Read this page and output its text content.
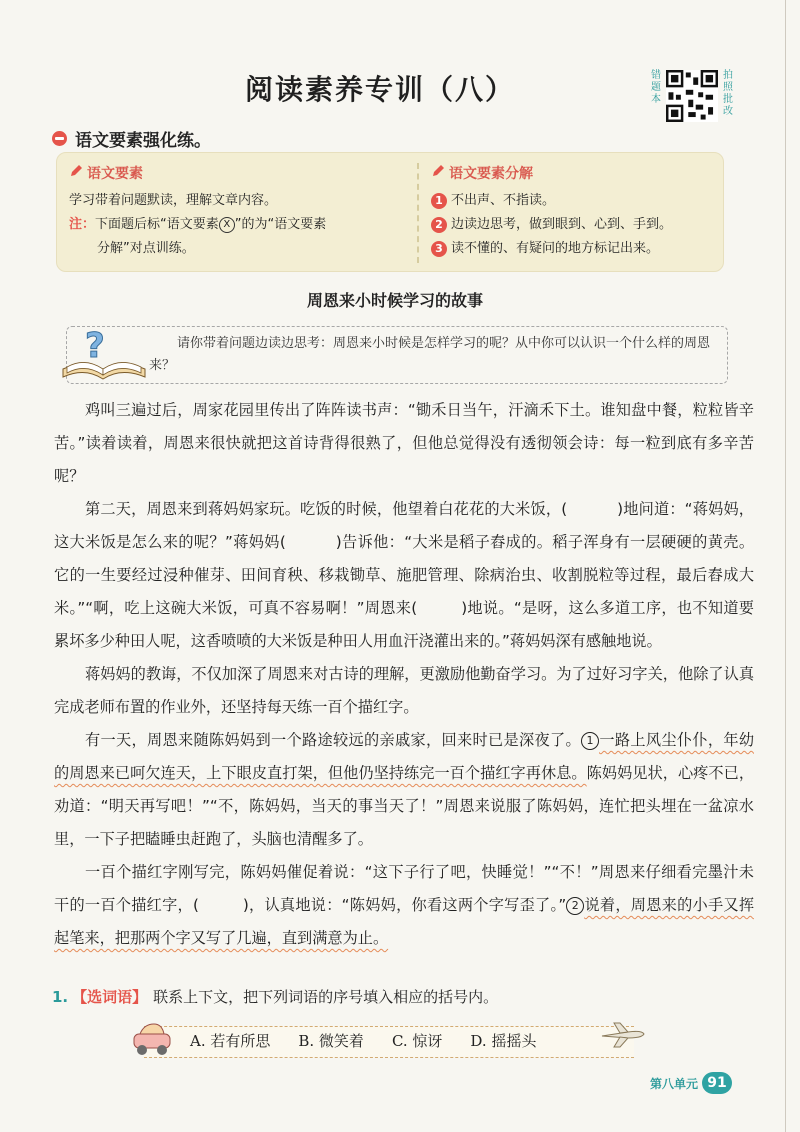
阅读素养专训（八）	错题本
拍照批改
语文要素强化练。
语文要素
学习带着问题默读，理解文章内容。
注：下面题后标“语文要素 X ”的为“语文要素
分解”对点训练。
语文要素分解
1 不出声、不指读。
2 边读边思考，做到眼到、心到、手到。
3 读不懂的、有疑问的地方标记出来。
周恩来小时候学习的故事
?	请你带着问题边读边思考：周恩来小时候是怎样学习的呢？从中你可以认识一个什么样的周恩来？

鸡叫三遍过后，周家花园里传出了阵阵读书声：“锄禾日当午，汗滴禾下土。谁知盘中餐，粒粒皆辛苦。”读着读着，周恩来很快就把这首诗背得很熟了，但他总觉得没有透彻领会诗：每一粒到底有多辛苦呢？

第二天，周恩来到蒋妈妈家玩。吃饭的时候，他望着白花花的大米饭，(	)地问道：“蒋妈妈，这大米饭是怎么来的呢？”蒋妈妈(	)告诉他：“大米是稻子舂成的。稻子浑身有一层硬硬的黄壳。它的一生要经过浸种催芽、田间育秧、移栽锄草、施肥管理、除病治虫、收割脱粒等过程，最后舂成大米。”“啊，吃上这碗大米饭，可真不容易啊！”周恩来(	)地说。“是呀，这么多道工序，也不知道要累坏多少种田人呢，这香喷喷的大米饭是种田人用血汗浇灌出来的。”蒋妈妈深有感触地说。

蒋妈妈的教诲，不仅加深了周恩来对古诗的理解，更激励他勤奋学习。为了过好习字关，他除了认真完成老师布置的作业外，还坚持每天练一百个描红字。

有一天，周恩来随陈妈妈到一个路途较远的亲戚家，回来时已是深夜了。 1 一路上风尘仆仆，年幼的周恩来已呵欠连天，上下眼皮直打架，但他仍坚持练完一百个描红字再休息。陈妈妈见状，心疼不已，劝道：“明天再写吧！”“不，陈妈妈，当天的事当天了！”周恩来说服了陈妈妈，连忙把头埋在一盆凉水里，一下子把瞌睡虫赶跑了，头脑也清醒多了。

一百个描红字刚写完，陈妈妈催促着说：“这下子行了吧，快睡觉！”“不！”周恩来仔细看完墨汁未干的一百个描红字，(	)，认真地说：“陈妈妈，你看这两个字写歪了。” 2 说着，周恩来的小手又挥起笔来，把那两个字又写了几遍，直到满意为止。

1. 【选词语】 联系上下文，把下列词语的序号填入相应的括号内。
A. 若有所思 B. 微笑着 C. 惊讶 D. 摇摇头
第八单元 91
